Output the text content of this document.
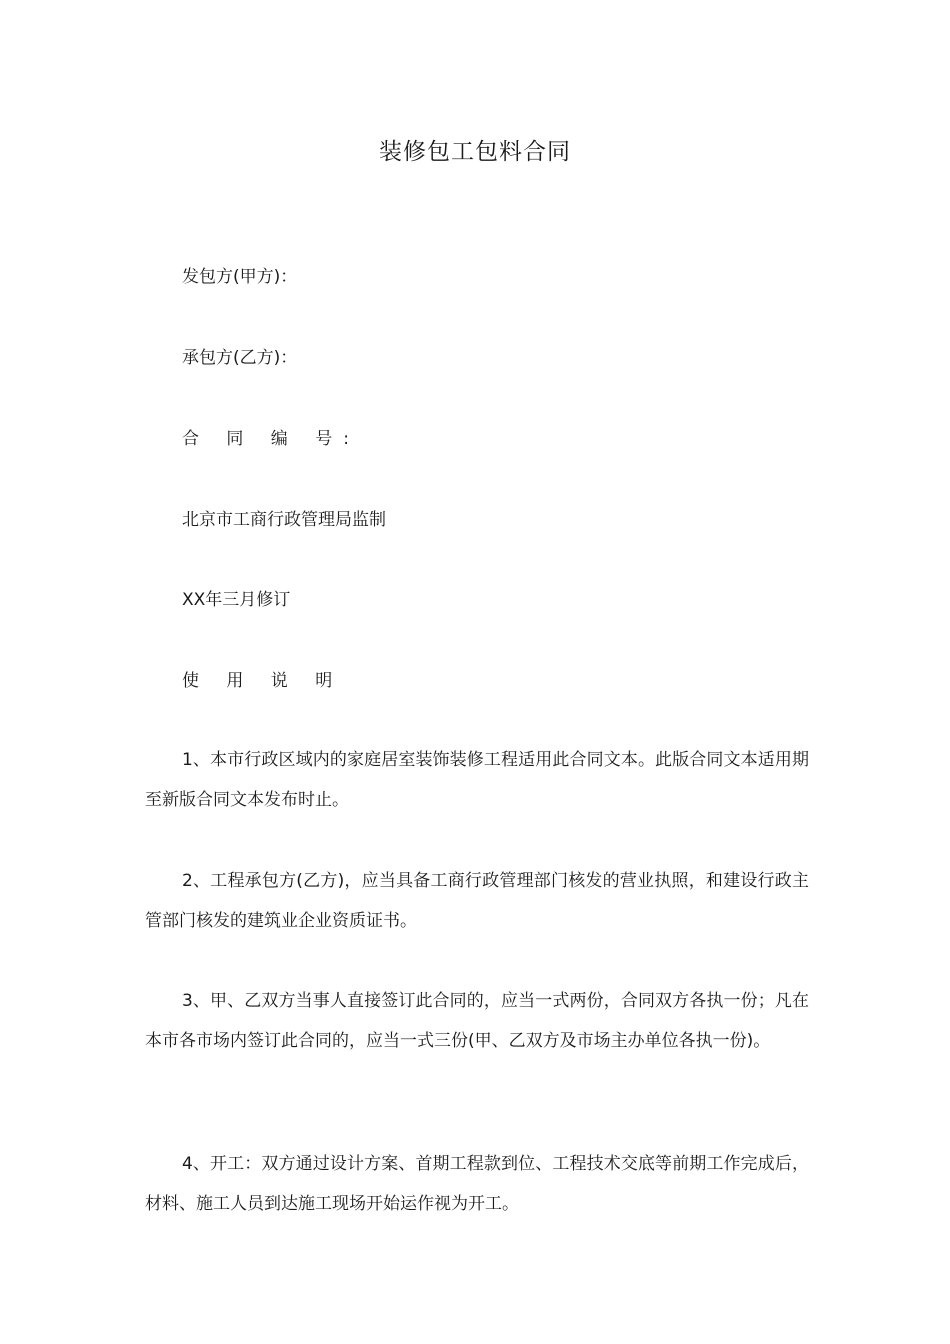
装修包工包料合同
发包方(甲方)：
承包方(乙方)：
合 同 编 号:
北京市工商行政管理局监制
XX年三月修订
使 用 说 明
1、本市行政区域内的家庭居室装饰装修工程适用此合同文本。此版合同文本适用期至新版合同文本发布时止。
2、工程承包方(乙方)，应当具备工商行政管理部门核发的营业执照，和建设行政主管部门核发的建筑业企业资质证书。
3、甲、乙双方当事人直接签订此合同的，应当一式两份，合同双方各执一份；凡在本市各市场内签订此合同的，应当一式三份(甲、乙双方及市场主办单位各执一份)。
4、开工：双方通过设计方案、首期工程款到位、工程技术交底等前期工作完成后，材料、施工人员到达施工现场开始运作视为开工。
